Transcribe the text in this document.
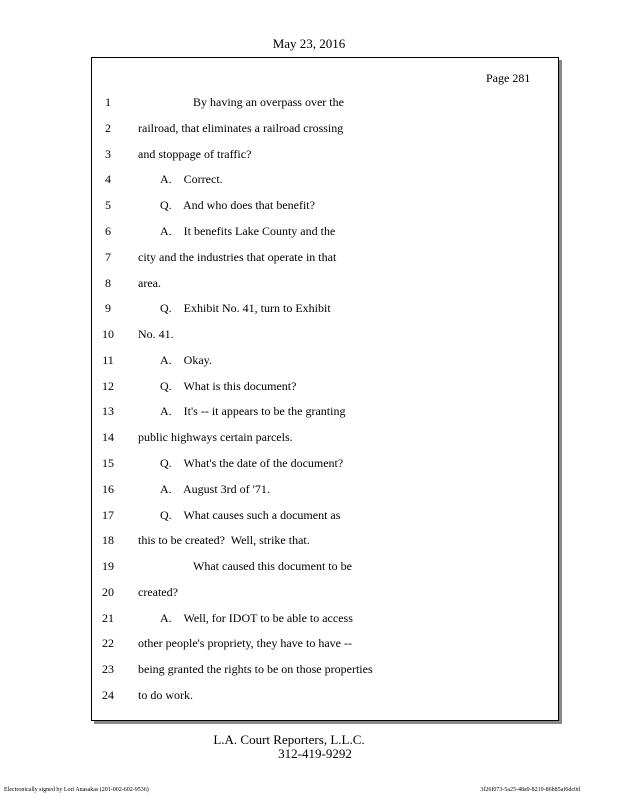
May 23, 2016
Page 281
1	By having an overpass over the
2	railroad, that eliminates a railroad crossing
3	and stoppage of traffic?
4	A.    Correct.
5	Q.    And who does that benefit?
6	A.    It benefits Lake County and the
7	city and the industries that operate in that
8	area.
9	Q.    Exhibit No. 41, turn to Exhibit
10	No. 41.
11	A.    Okay.
12	Q.    What is this document?
13	A.    It's -- it appears to be the granting
14	public highways certain parcels.
15	Q.    What's the date of the document?
16	A.    August 3rd of '71.
17	Q.    What causes such a document as
18	this to be created?  Well, strike that.
19	What caused this document to be
20	created?
21	A.    Well, for IDOT to be able to access
22	other people's propriety, they have to have --
23	being granted the rights to be on those properties
24	to do work.
L.A. Court Reporters, L.L.C.
312-419-9292
Electronically signed by Lori Anasakas (201-002-602-9536)	3f26f073-5a25-48a9-8219-86b85af6dc0d
